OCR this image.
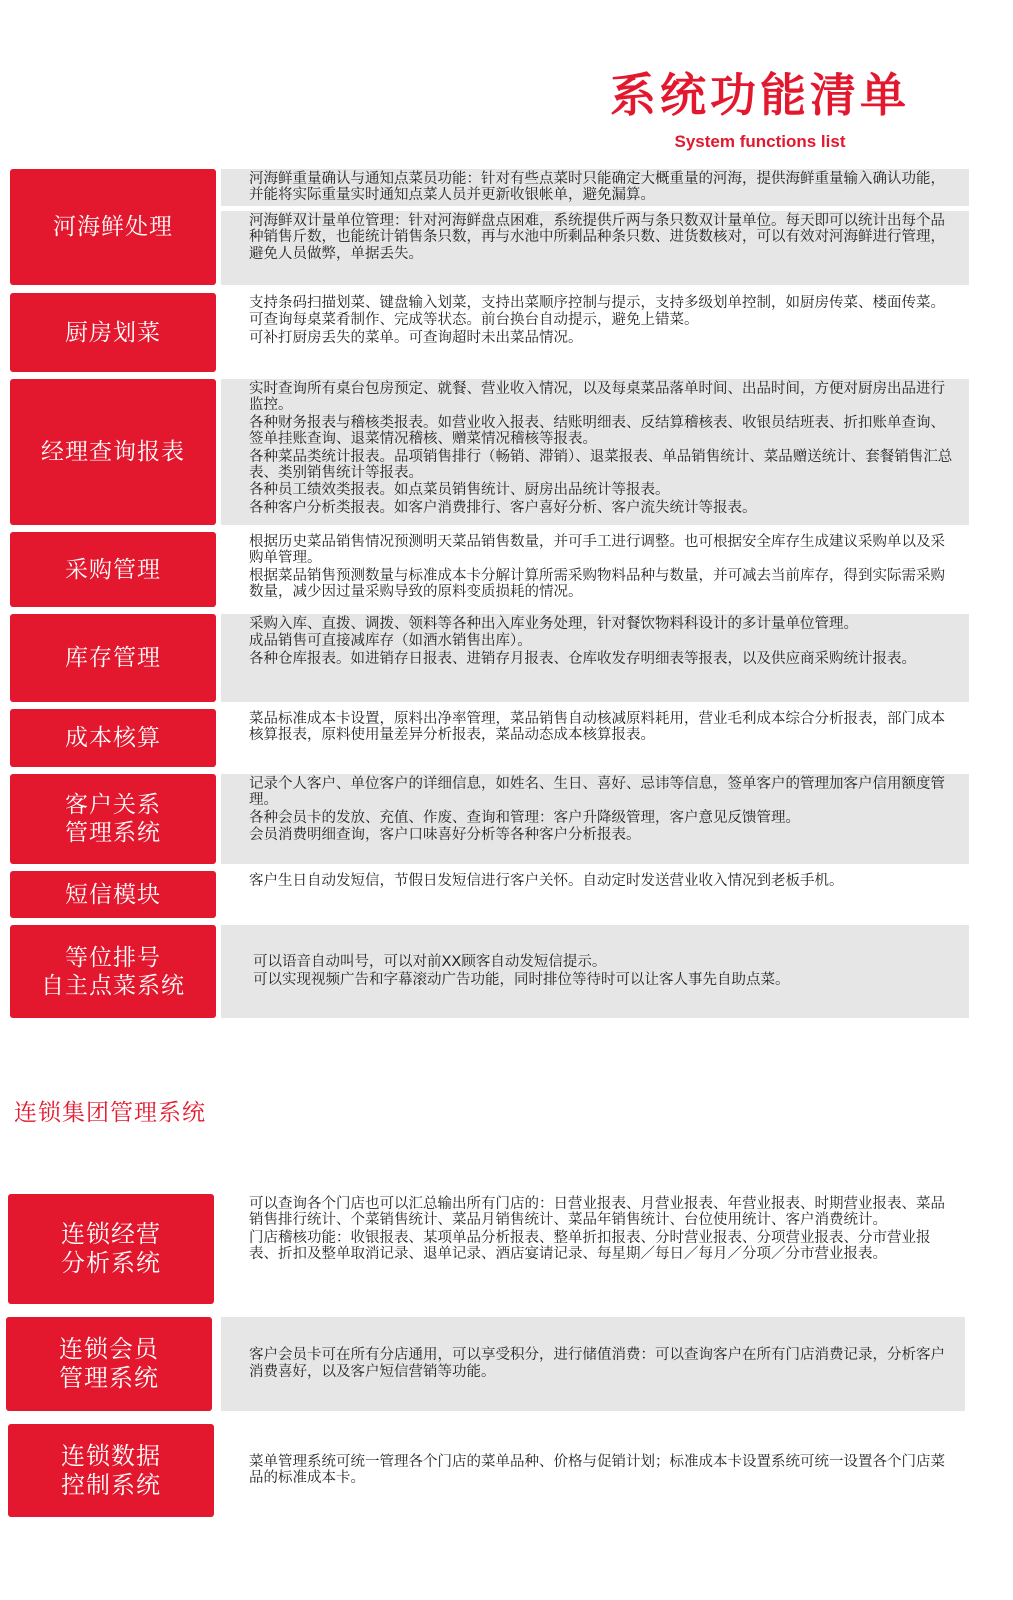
系统功能清单
System functions list
河海鲜处理

河海鲜重量确认与通知点菜员功能：针对有些点菜时只能确定大概重量的河海，提供海鲜重量输入确认功能，并能将实际重量实时通知点菜人员并更新收银帐单，避免漏算。

河海鲜双计量单位管理：针对河海鲜盘点困难，系统提供斤两与条只数双计量单位。每天即可以统计出每个品种销售斤数，也能统计销售条只数，再与水池中所剩品种条只数、进货数核对，可以有效对河海鲜进行管理，避免人员做弊，单据丢失。

厨房划菜

支持条码扫描划菜、键盘输入划菜，支持出菜顺序控制与提示，支持多级划单控制，如厨房传菜、楼面传菜。

可查询每桌菜肴制作、完成等状态。前台换台自动提示，避免上错菜。

可补打厨房丢失的菜单。可查询超时未出菜品情况。

经理查询报表

实时查询所有桌台包房预定、就餐、营业收入情况，以及每桌菜品落单时间、出品时间，方便对厨房出品进行监控。

各种财务报表与稽核类报表。如营业收入报表、结账明细表、反结算稽核表、收银员结班表、折扣账单查询、签单挂账查询、退菜情况稽核、赠菜情况稽核等报表。

各种菜品类统计报表。品项销售排行（畅销、滞销）、退菜报表、单品销售统计、菜品赠送统计、套餐销售汇总表、类别销售统计等报表。

各种员工绩效类报表。如点菜员销售统计、厨房出品统计等报表。

各种客户分析类报表。如客户消费排行、客户喜好分析、客户流失统计等报表。

采购管理

根据历史菜品销售情况预测明天菜品销售数量，并可手工进行调整。也可根据安全库存生成建议采购单以及采购单管理。

根据菜品销售预测数量与标准成本卡分解计算所需采购物料品种与数量，并可减去当前库存，得到实际需采购数量，减少因过量采购导致的原料变质损耗的情况。

库存管理

采购入库、直拨、调拨、领料等各种出入库业务处理，针对餐饮物料科设计的多计量单位管理。

成品销售可直接减库存（如酒水销售出库）。

各种仓库报表。如进销存日报表、进销存月报表、仓库收发存明细表等报表，以及供应商采购统计报表。

成本核算

菜品标准成本卡设置，原料出净率管理，菜品销售自动核减原料耗用，营业毛利成本综合分析报表，部门成本核算报表，原料使用量差异分析报表，菜品动态成本核算报表。

客户关系
管理系统

记录个人客户、单位客户的详细信息，如姓名、生日、喜好、忌讳等信息，签单客户的管理加客户信用额度管理。

各种会员卡的发放、充值、作废、查询和管理：客户升降级管理，客户意见反馈管理。

会员消费明细查询，客户口味喜好分析等各种客户分析报表。

短信模块

客户生日自动发短信，节假日发短信进行客户关怀。自动定时发送营业收入情况到老板手机。

等位排号
自主点菜系统

可以语音自动叫号，可以对前XX顾客自动发短信提示。

可以实现视频广告和字幕滚动广告功能，同时排位等待时可以让客人事先自助点菜。

连锁集团管理系统
连锁经营
分析系统

可以查询各个门店也可以汇总输出所有门店的：日营业报表、月营业报表、年营业报表、时期营业报表、菜品销售排行统计、个菜销售统计、菜品月销售统计、菜品年销售统计、台位使用统计、客户消费统计。

门店稽核功能：收银报表、某项单品分析报表、整单折扣报表、分时营业报表、分项营业报表、分市营业报表、折扣及整单取消记录、退单记录、酒店宴请记录、每星期／每日／每月／分项／分市营业报表。

连锁会员
管理系统

客户会员卡可在所有分店通用，可以享受积分，进行储值消费：可以查询客户在所有门店消费记录，分析客户消费喜好，以及客户短信营销等功能。

连锁数据
控制系统

菜单管理系统可统一管理各个门店的菜单品种、价格与促销计划；标准成本卡设置系统可统一设置各个门店菜品的标准成本卡。
